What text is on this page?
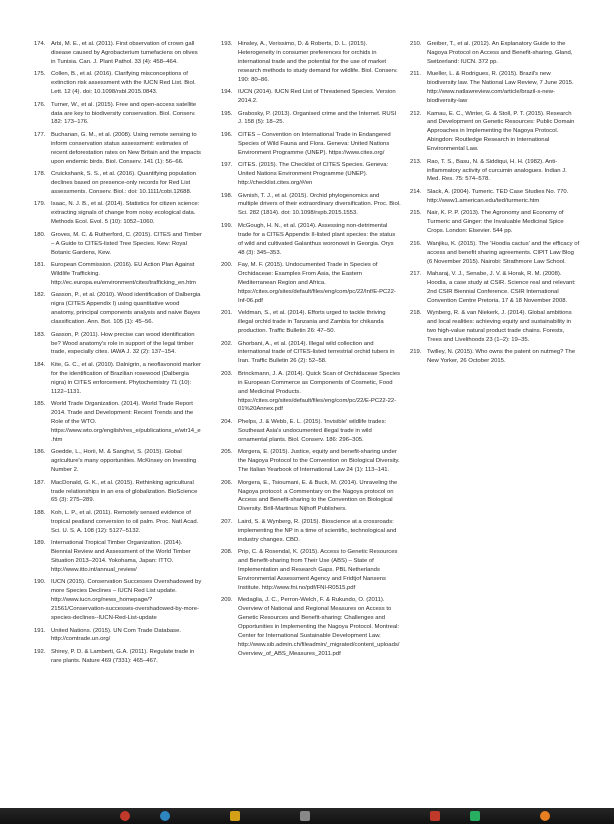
174. Arbi, M. E., et al. (2011). First observation of crown gall disease caused by Agrobacterium tumefaciens on olives in Tunisia. Can. J. Plant Pathol. 33 (4): 458–464.
175. Collen, B., et al. (2016). Clarifying misconceptions of extinction risk assessment with the IUCN Red List. Biol. Lett. 12 (4). doi: 10.1098/rsbl.2015.0843.
176. Turner, W., et al. (2015). Free and open-access satellite data are key to biodiversity conservation. Biol. Conserv. 182: 173–176.
177. Buchanan, G. M., et al. (2008). Using remote sensing to inform conservation status assessment: estimates of recent deforestation rates on New Britain and the impacts upon endemic birds. Biol. Conserv. 141 (1): 56–66.
178. Cruickshank, S. S., et al. (2016). Quantifying population declines based on presence-only records for Red List assessments. Conserv. Biol.: doi: 10.1111/cobi.12688.
179. Isaac, N. J. B., et al. (2014). Statistics for citizen science: extracting signals of change from noisy ecological data. Methods Ecol. Evol. 5 (10): 1052–1060.
180. Groves, M. C. & Rutherford, C. (2015). CITES and Timber – A Guide to CITES-listed Tree Species. Kew: Royal Botanic Gardens, Kew.
181. European Commission. (2016). EU Action Plan Against Wildlife Trafficking. http://ec.europa.eu/environment/cites/trafficking_en.htm
182. Gasson, P., et al. (2010). Wood identification of Dalbergia nigra (CITES Appendix I) using quantitative wood anatomy, principal components analysis and naive Bayes classification. Ann. Bot. 105 (1): 45–56.
183. Gasson, P. (2011). How precise can wood identification be? Wood anatomy's role in support of the legal timber trade, especially cites. IAWA J. 32 (2): 137–154.
184. Kite, G. C., et al. (2010). Dalnigrin, a neoflavonoid marker for the identification of Brazilian rosewood (Dalbergia nigra) in CITES enforcement. Phytochemistry 71 (10): 1122–1131.
185. World Trade Organization. (2014). World Trade Report 2014. Trade and Development: Recent Trends and the Role of the WTO. https://www.wto.org/english/res_e/publications_e/wtr14_e.htm
186. Goedde, L., Horii, M. & Sanghvi, S. (2015). Global agriculture's many opportunities. McKinsey on Investing Number 2.
187. MacDonald, G. K., et al. (2015). Rethinking agricultural trade relationships in an era of globalization. BioScience 65 (3): 275–289.
188. Koh, L. P., et al. (2011). Remotely sensed evidence of tropical peatland conversion to oil palm. Proc. Natl Acad. Sci. U. S. A. 108 (12): 5127–5132.
189. International Tropical Timber Organization. (2014). Biennial Review and Assessment of the World Timber Situation 2013–2014. Yokohama, Japan: ITTO. http://www.itto.int/annual_review/
190. IUCN (2015). Conservation Successes Overshadowed by more Species Declines – IUCN Red List update. http://www.iucn.org/news_homepage/?21561/Conservation-successes-overshadowed-by-more-species-declines--IUCN-Red-List-update
191. United Nations. (2015). UN Com Trade Database. http://comtrade.un.org/
192. Shirey, P. D. & Lamberti, G.A. (2011). Regulate trade in rare plants. Nature 469 (7331): 465–467.
193. Hinsley, A., Verissimo, D. & Roberts, D. L. (2015). Heterogeneity in consumer preferences for orchids in international trade and the potential for the use of market research methods to study demand for wildlife. Biol. Conserv. 190: 80–86.
194. IUCN (2014). IUCN Red List of Threatened Species. Version 2014.2.
195. Grabosky, P. (2013). Organised crime and the Internet. RUSI J. 158 (5): 18–25.
196. CITES – Convention on International Trade in Endangered Species of Wild Fauna and Flora. Geneva: United Nations Environment Programme (UNEP). https://www.cites.org/
197. CITES. (2015). The Checklist of CITES Species. Geneva: United Nations Environment Programme (UNEP). http://checklist.cites.org/#/en
198. Givnish, T. J., et al. (2015). Orchid phylogenomics and multiple drivers of their extraordinary diversification. Proc. Biol. Sci. 282 (1814). doi: 10.1098/rspb.2015.1553.
199. McGough, H. N., et al. (2014). Assessing non-detrimental trade for a CITES Appendix II-listed plant species: the status of wild and cultivated Galanthus woronowii in Georgia. Oryx 48 (3): 345–353.
200. Fay, M. F. (2015). Undocumented Trade in Species of Orchidaceae: Examples From Asia, the Eastern Mediterranean Region and Africa. https://cites.org/sites/default/files/eng/com/pc/22/Inf/E-PC22-Inf-06.pdf
201. Veldman, S., et al. (2014). Efforts urged to tackle thriving illegal orchid trade in Tanzania and Zambia for chikanda production. Traffic Bulletin 26: 47–50.
202. Ghorbani, A., et al. (2014). Illegal wild collection and international trade of CITES-listed terrestrial orchid tubers in Iran. Traffic Bulletin 26 (2): 52–58.
203. Brinckmann, J. A. (2014). Quick Scan of Orchidaceae Species in European Commerce as Components of Cosmetic, Food and Medicinal Products. https://cites.org/sites/default/files/eng/com/pc/22/E-PC22-22-01%20Annex.pdf
204. Phelps, J. & Webb, E. L. (2015). 'Invisible' wildlife trades: Southeast Asia's undocumented illegal trade in wild ornamental plants. Biol. Conserv. 186: 296–305.
205. Morgera, E. (2015). Justice, equity and benefit-sharing under the Nagoya Protocol to the Convention on Biological Diversity. The Italian Yearbook of International Law 24 (1): 113–141.
206. Morgera, E., Tsioumani, E. & Buck, M. (2014). Unraveling the Nagoya protocol: a Commentary on the Nagoya protocol on Access and Benefit-sharing to the Convention on Biological Diversity. Brill-Martinus Nijhoff Publishers.
207. Laird, S. & Wynberg, R. (2015). Bioscience at a crossroads: implementing the NP in a time of scientific, technological and industry changes. CBD.
208. Prip, C. & Rosendal, K. (2015). Access to Genetic Resources and Benefit-sharing from Their Use (ABS) – State of Implementation and Research Gaps. PBL Netherlands Environmental Assessment Agency and Fridtjof Nansens Institute. http://www.fni.no/pdf/FNI-R0515.pdf
209. Medaglia, J. C., Perron-Welch, F. & Rukundo, O. (2011). Overview of National and Regional Measures on Access to Genetic Resources and Benefit-sharing: Challenges and Opportunities in Implementing the Nagoya Protocol. Montreal: Center for International Sustainable Development Law. http://www.sib.admin.ch/fileadmin/_migrated/content_uploads/Overview_of_ABS_Measures_2011.pdf
210. Greiber, T., et al. (2012). An Explanatory Guide to the Nagoya Protocol on Access and Benefit-sharing. Gland, Switzerland: IUCN. 372 pp.
211.	Mueller, L. & Rodrigues, R. (2015). Brazil's new biodiversity law. The National Law Review, 7 June 2015. http://www.natlawreview.com/article/brazil-s-new-biodiversity-law
212. Kamau, E. C., Winter, G. & Stoll, P. T. (2015). Research and Development on Genetic Resources: Public Domain Approaches in Implementing the Nagoya Protocol. Abingdon: Routledge Research in International Environmental Law.
213. Rao, T. S., Basu, N. & Siddiqui, H. H. (1982). Anti-inflammatory activity of curcumin analogues. Indian J. Med. Res. 75: 574–578.
214. Slack, A. (2004). Tumeric. TED Case Studies No. 770. http://www1.american.edu/ted/turmeric.htm
215. Nair, K. P. P. (2013). The Agronomy and Economy of Turmeric and Ginger: the Invaluable Medicinal Spice Crops. London: Elsevier. 544 pp.
216. Wanjiku, K. (2015). The 'Hoodia cactus' and the efficacy of access and benefit sharing agreements. CIPIT Law Blog (6 November 2015). Nairobi: Strathmore Law School.
217. Maharaj, V. J., Senabe, J. V. & Horak, R. M. (2008). Hoodia, a case study at CSIR. Science real and relevant: 2nd CSIR Biennial Conference. CSIR International Convention Centre Pretoria. 17 & 18 November 2008.
218. Wynberg, R. & van Niekerk, J. (2014). Global ambitions and local realities: achieving equity and sustainability in two high-value natural product trade chains. Forests, Trees and Livelihoods 23 (1–2): 19–35.
219. Twilley, N. (2015). Who owns the patent on nutmeg? The New Yorker, 26 October 2015.
